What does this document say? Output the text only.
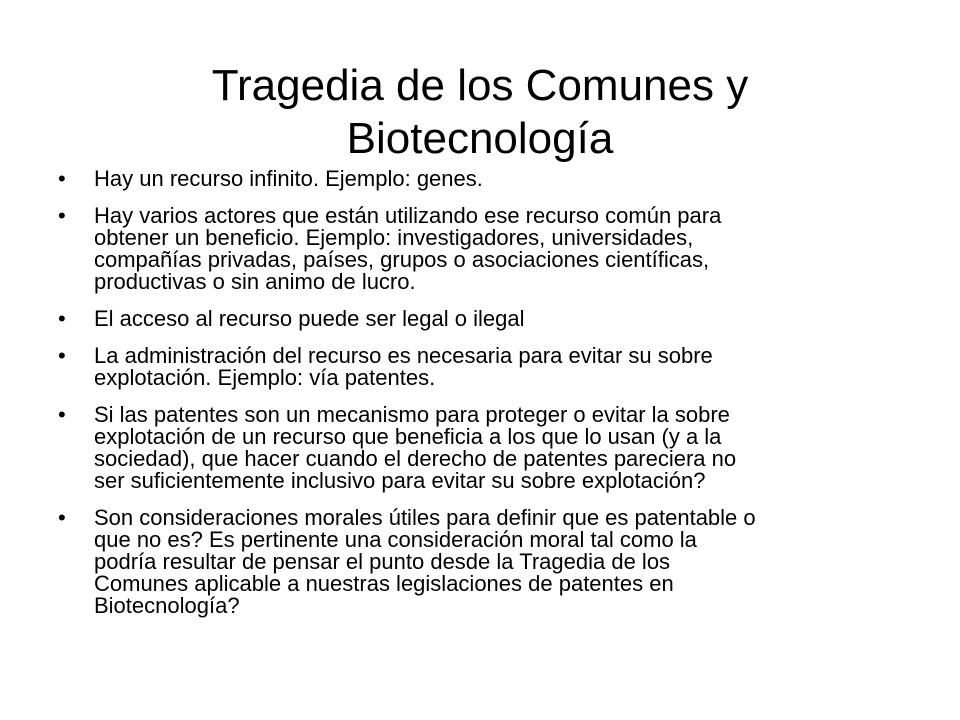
Tragedia de los Comunes y
Biotecnología
•	Hay un recurso infinito. Ejemplo: genes.
•	Hay varios actores que están utilizando ese recurso común para
obtener un beneficio. Ejemplo: investigadores, universidades,
compañías privadas, países, grupos o asociaciones científicas,
productivas o sin animo de lucro.
•	El acceso al recurso puede ser legal o ilegal
•	La administración del recurso es necesaria para evitar su sobre
explotación. Ejemplo: vía patentes.
•	Si las patentes son un mecanismo para proteger o evitar la sobre
explotación de un recurso que beneficia a los que lo usan (y a la
sociedad), que hacer cuando el derecho de patentes pareciera no
ser suficientemente inclusivo para evitar su sobre explotación?
•	Son consideraciones morales útiles para definir que es patentable o
que no es? Es pertinente una consideración moral tal como la
podría resultar de pensar el punto desde la Tragedia de los
Comunes aplicable a nuestras legislaciones de patentes en
Biotecnología?
